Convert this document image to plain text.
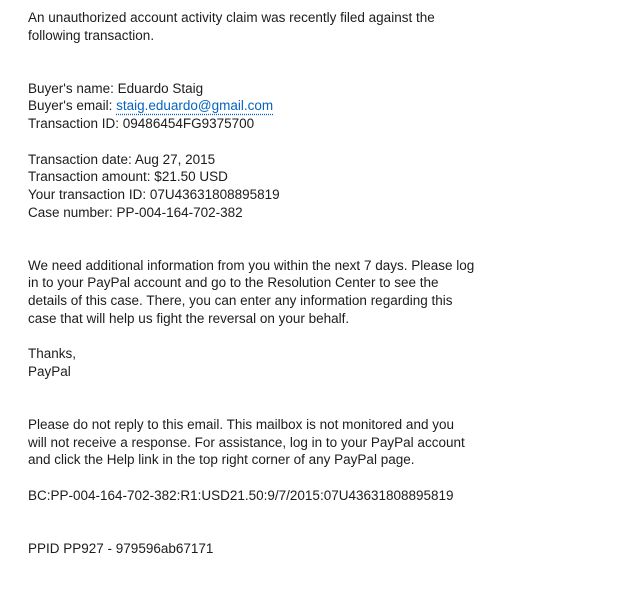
An unauthorized account activity claim was recently filed against the
following transaction.
Buyer's name: Eduardo Staig
Buyer's email: staig.eduardo@gmail.com
Transaction ID: 09486454FG9375700
Transaction date: Aug 27, 2015
Transaction amount: $21.50 USD
Your transaction ID: 07U43631808895819
Case number: PP-004-164-702-382
We need additional information from you within the next 7 days. Please log
in to your PayPal account and go to the Resolution Center to see the
details of this case. There, you can enter any information regarding this
case that will help us fight the reversal on your behalf.
Thanks,
PayPal
Please do not reply to this email. This mailbox is not monitored and you
will not receive a response. For assistance, log in to your PayPal account
and click the Help link in the top right corner of any PayPal page.
BC:PP-004-164-702-382:R1:USD21.50:9/7/2015:07U43631808895819
PPID PP927 - 979596ab67171
